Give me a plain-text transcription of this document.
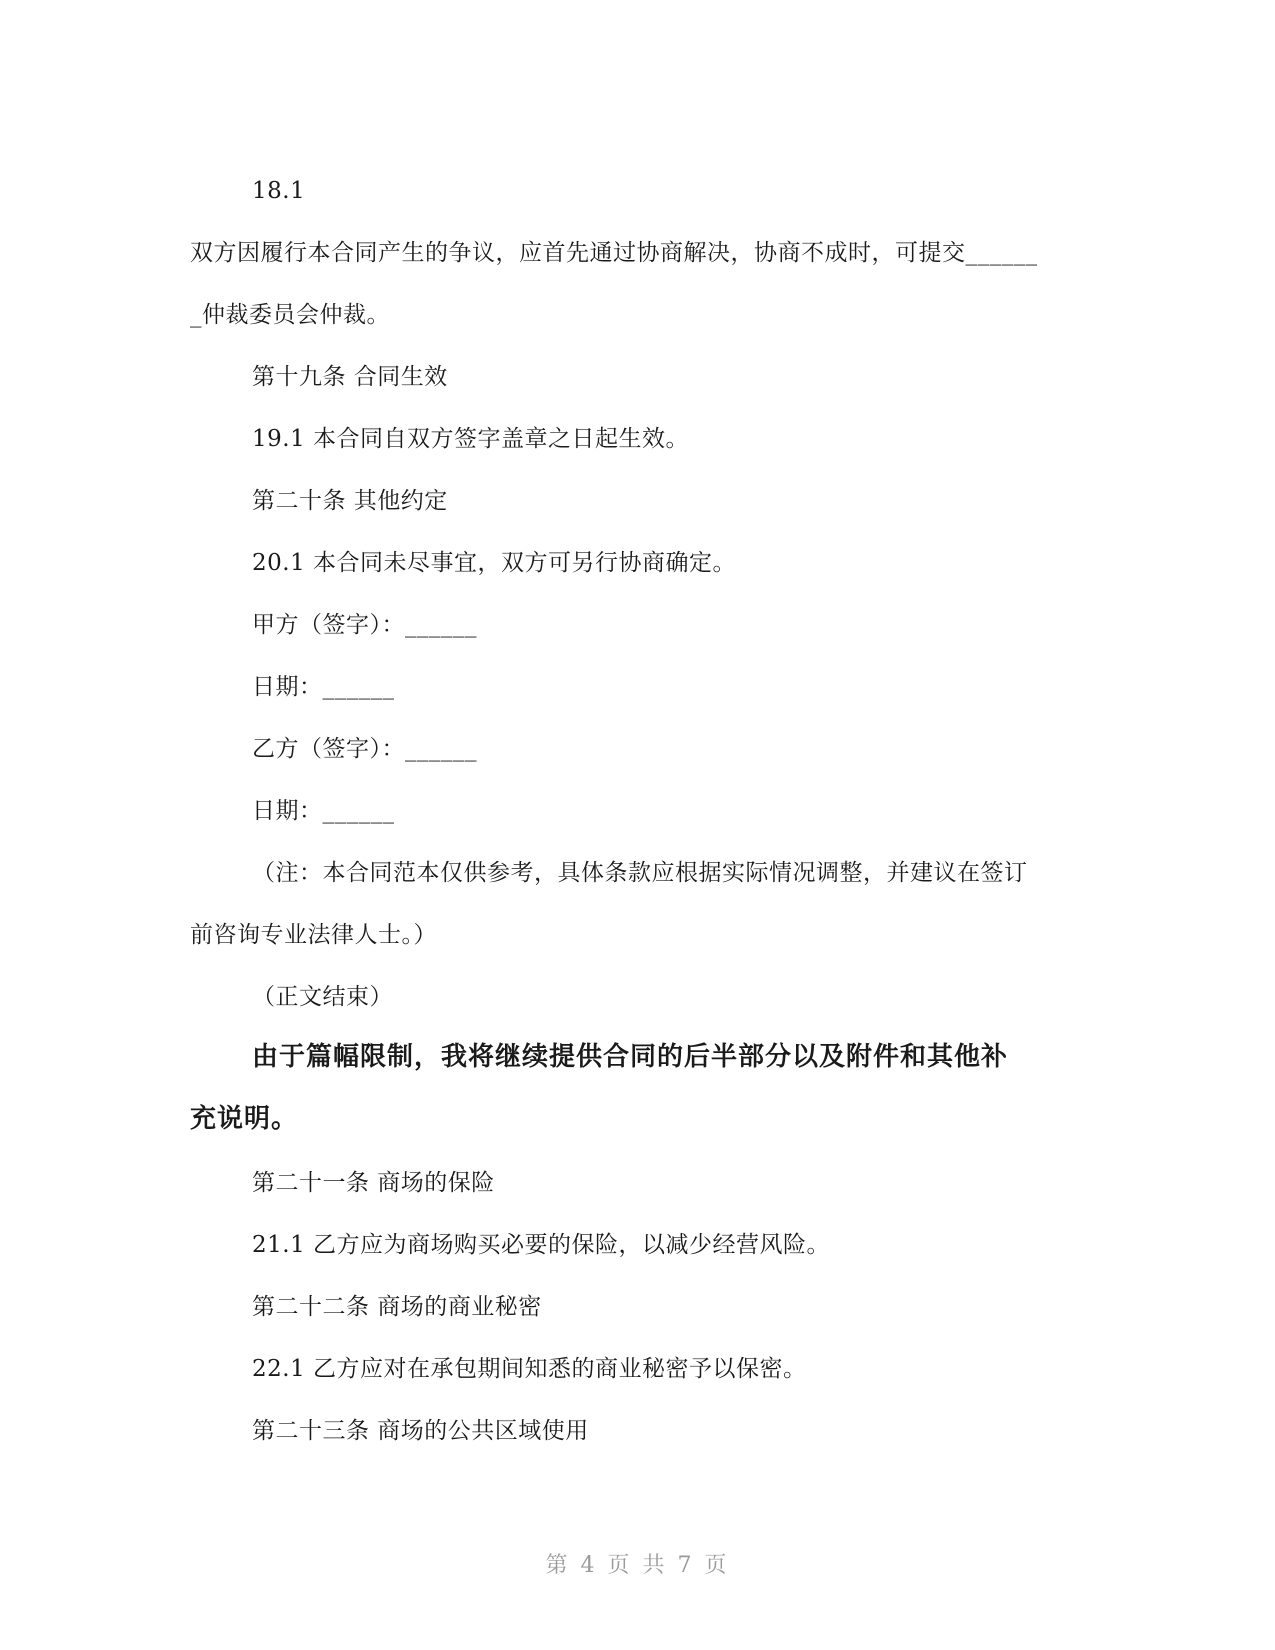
18.1
双方因履行本合同产生的争议，应首先通过协商解决，协商不成时，可提交______
_仲裁委员会仲裁。
第十九条 合同生效
19.1 本合同自双方签字盖章之日起生效。
第二十条 其他约定
20.1 本合同未尽事宜，双方可另行协商确定。
甲方（签字）：______
日期：______
乙方（签字）：______
日期：______
（注：本合同范本仅供参考，具体条款应根据实际情况调整，并建议在签订
前咨询专业法律人士。）
（正文结束）
由于篇幅限制，我将继续提供合同的后半部分以及附件和其他补
充说明。
第二十一条 商场的保险
21.1 乙方应为商场购买必要的保险，以减少经营风险。
第二十二条 商场的商业秘密
22.1 乙方应对在承包期间知悉的商业秘密予以保密。
第二十三条 商场的公共区域使用
第 4 页 共 7 页
